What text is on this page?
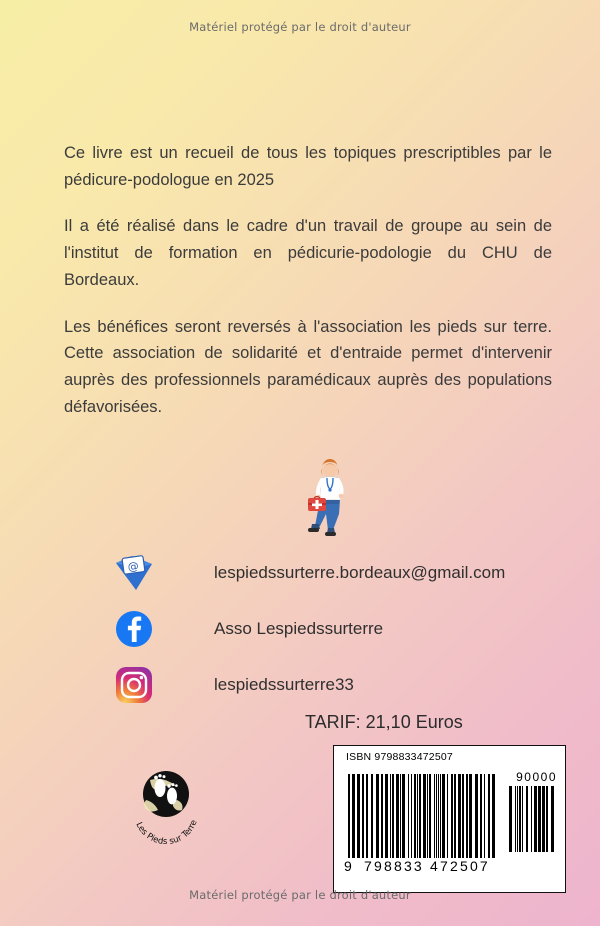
Matériel protégé par le droit d'auteur

Ce livre est un recueil de tous les topiques prescriptibles par le pédicure-podologue en 2025

Il a été réalisé dans le cadre d'un travail de groupe au sein de l'institut de formation en pédicurie-podologie du CHU de Bordeaux.

Les bénéfices seront reversés à l'association les pieds sur terre. Cette association de solidarité et d'entraide permet d'intervenir auprès des professionnels paramédicaux auprès des populations défavorisées.

@	lespiedssurterre.bordeaux@gmail.com
Asso Lespiedssurterre
lespiedssurterre33
TARIF: 21,10 Euros
ISBN 9798833472507
90000
9 798833 472507
Les Pieds sur Terre
Matériel protégé par le droit d'auteur
